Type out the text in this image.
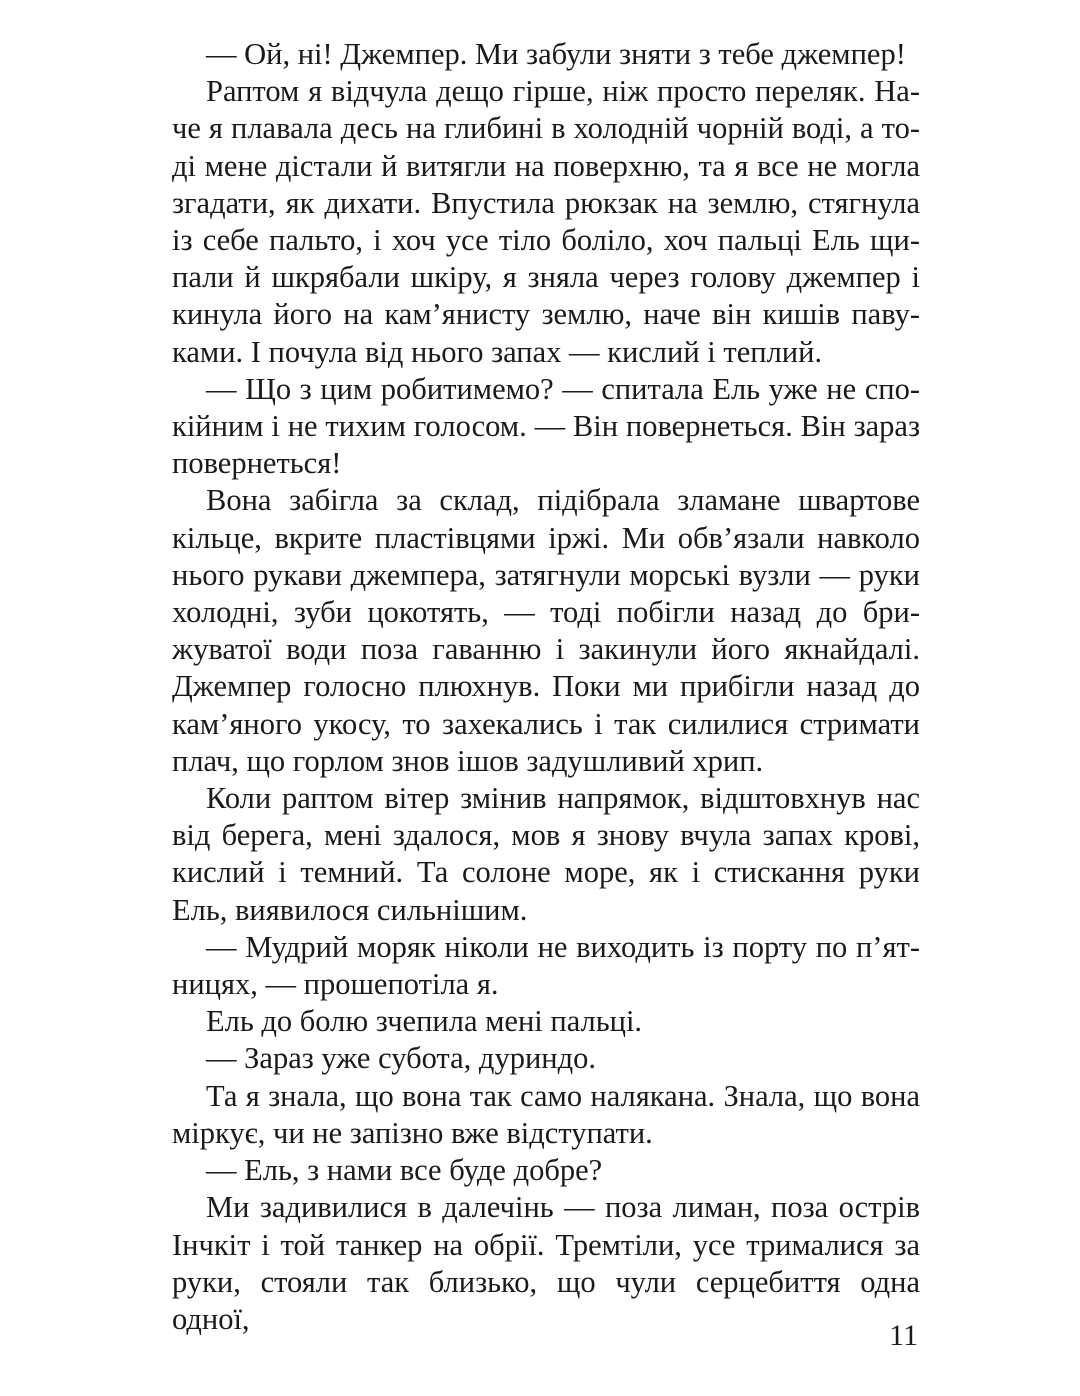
— Ой, ні! Джемпер. Ми забули зняти з тебе джемпер!

Раптом я відчула дещо гірше, ніж просто переляк. Наче я плавала десь на глибині в холодній чорній воді, а тоді мене дістали й витягли на поверхню, та я все не могла згадати, як дихати. Впустила рюкзак на землю, стягнула із себе пальто, і хоч усе тіло боліло, хоч пальці Ель щипали й шкрябали шкіру, я зняла через голову джемпер і кинула його на кам’янисту землю, наче він кишів павуками. І почула від нього запах — кислий і теплий.

— Що з цим робитимемо? — спитала Ель уже не спокійним і не тихим голосом. — Він повернеться. Він зараз повернеться!

Вона забігла за склад, підібрала зламане швартове кільце, вкрите пластівцями іржі. Ми обв’язали навколо нього рукави джемпера, затягнули морські вузли — руки холодні, зуби цокотять, — тоді побігли назад до брижуватої води поза гаванню і закинули його якнайдалі. Джемпер голосно плюхнув. Поки ми прибігли назад до кам’яного укосу, то захекались і так силилися стримати плач, що горлом знов ішов задушливий хрип.

Коли раптом вітер змінив напрямок, відштовхнув нас від берега, мені здалося, мов я знову вчула запах крові, кислий і темний. Та солоне море, як і стискання руки Ель, виявилося сильнішим.

— Мудрий моряк ніколи не виходить із порту по п’ятницях, — прошепотіла я.

Ель до болю зчепила мені пальці.

— Зараз уже субота, дуриндо.

Та я знала, що вона так само налякана. Знала, що вона міркує, чи не запізно вже відступати.

— Ель, з нами все буде добре?

Ми задивилися в далечінь — поза лиман, поза острів Інчкіт і той танкер на обрії. Тремтіли, усе трималися за руки, стояли так близько, що чули серцебиття одна одної,	11
